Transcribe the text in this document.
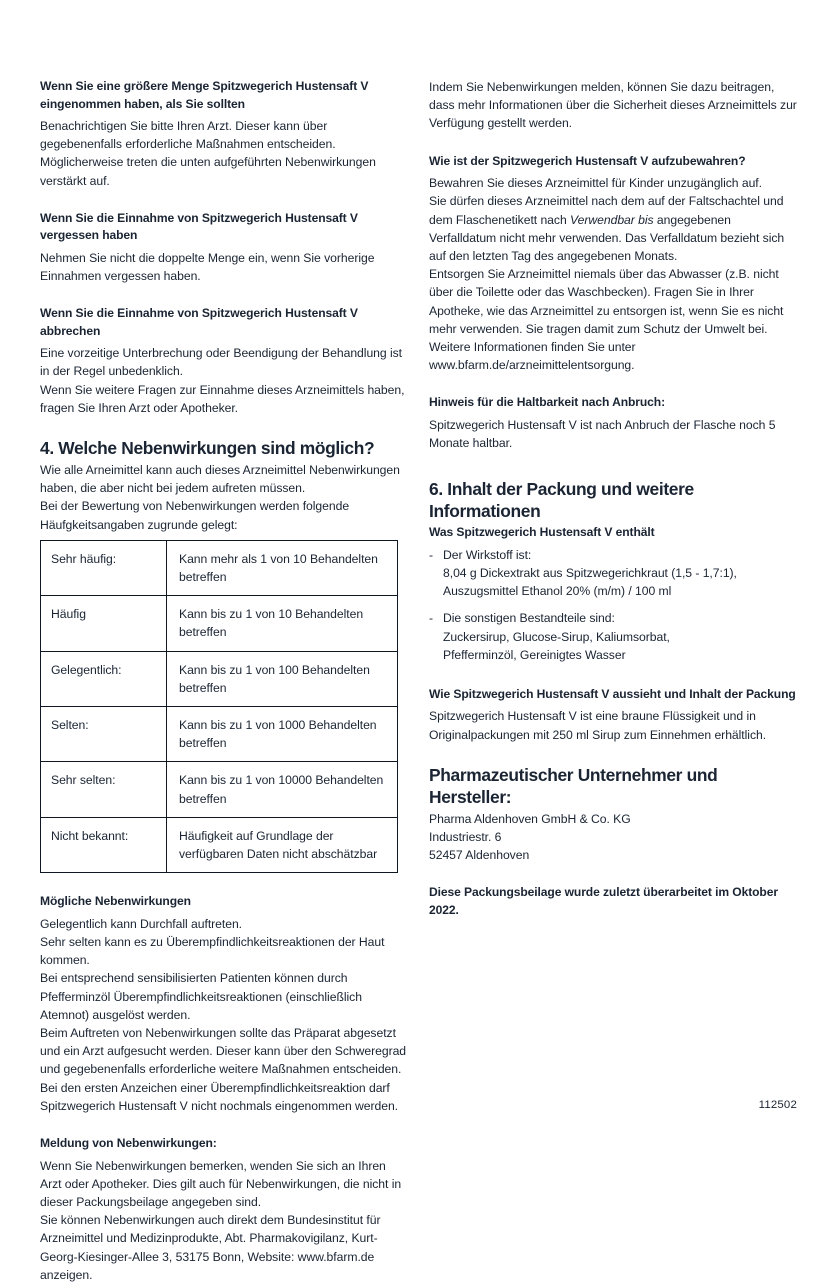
Wenn Sie eine größere Menge Spitzwegerich Hustensaft V eingenommen haben, als Sie sollten

Benachrichtigen Sie bitte Ihren Arzt. Dieser kann über gegebenenfalls erforderliche Maßnahmen entscheiden. Möglicherweise treten die unten aufgeführten Nebenwirkungen verstärkt auf.

Wenn Sie die Einnahme von Spitzwegerich Hustensaft V vergessen haben

Nehmen Sie nicht die doppelte Menge ein, wenn Sie vorherige Einnahmen vergessen haben.

Wenn Sie die Einnahme von Spitzwegerich Hustensaft V abbrechen

Eine vorzeitige Unterbrechung oder Beendigung der Behandlung ist in der Regel unbedenklich.

Wenn Sie weitere Fragen zur Einnahme dieses Arzneimittels haben, fragen Sie Ihren Arzt oder Apotheker.

4. Welche Nebenwirkungen sind möglich?

Wie alle Arneimittel kann auch dieses Arzneimittel Nebenwirkungen haben, die aber nicht bei jedem aufreten müssen.

Bei der Bewertung von Nebenwirkungen werden folgende Häufgkeitsangaben zugrunde gelegt:

Sehr häufig:	Kann mehr als 1 von 10 Behandelten betreffen
Häufig	Kann bis zu 1 von 10 Behandelten betreffen
Gelegentlich:	Kann bis zu 1 von 100 Behandelten betreffen
Selten:	Kann bis zu 1 von 1000 Behandelten betreffen
Sehr selten:	Kann bis zu 1 von 10000 Behandelten betreffen
Nicht bekannt:	Häufigkeit auf Grundlage der verfügbaren Daten nicht abschätzbar
Mögliche Nebenwirkungen

Gelegentlich kann Durchfall auftreten.

Sehr selten kann es zu Überempfindlichkeitsreaktionen der Haut kommen.

Bei entsprechend sensibilisierten Patienten können durch Pfefferminzöl Überempfindlichkeitsreaktionen (einschließlich Atemnot) ausgelöst werden.

Beim Auftreten von Nebenwirkungen sollte das Präparat abgesetzt und ein Arzt aufgesucht werden. Dieser kann über den Schweregrad und gegebenenfalls erforderliche weitere Maßnahmen entscheiden.

Bei den ersten Anzeichen einer Überempfindlichkeitsreaktion darf Spitzwegerich Hustensaft V nicht nochmals eingenommen werden.

Meldung von Nebenwirkungen:

Wenn Sie Nebenwirkungen bemerken, wenden Sie sich an Ihren Arzt oder Apotheker. Dies gilt auch für Nebenwirkungen, die nicht in dieser Packungsbeilage angegeben sind.

Sie können Nebenwirkungen auch direkt dem Bundesinstitut für Arzneimittel und Medizinprodukte, Abt. Pharmakovigilanz, Kurt-Georg-Kiesinger-Allee 3, 53175 Bonn, Website: www.bfarm.de anzeigen.

Indem Sie Nebenwirkungen melden, können Sie dazu beitragen, dass mehr Informationen über die Sicherheit dieses Arzneimittels zur Verfügung gestellt werden.

Wie ist der Spitzwegerich Hustensaft V aufzubewahren?

Bewahren Sie dieses Arzneimittel für Kinder unzugänglich auf.

Sie dürfen dieses Arzneimittel nach dem auf der Faltschachtel und dem Flaschenetikett nach Verwendbar bis angegebenen Verfalldatum nicht mehr verwenden. Das Verfalldatum bezieht sich auf den letzten Tag des angegebenen Monats.

Entsorgen Sie Arzneimittel niemals über das Abwasser (z.B. nicht über die Toilette oder das Waschbecken). Fragen Sie in Ihrer Apotheke, wie das Arzneimittel zu entsorgen ist, wenn Sie es nicht mehr verwenden. Sie tragen damit zum Schutz der Umwelt bei. Weitere Informationen finden Sie unter www.bfarm.de/arzneimittelentsorgung.

Hinweis für die Haltbarkeit nach Anbruch:

Spitzwegerich Hustensaft V ist nach Anbruch der Flasche noch 5 Monate haltbar.

6. Inhalt der Packung und weitere Informationen
Was Spitzwegerich Hustensaft V enthält
- Der Wirkstoff ist:
8,04 g Dickextrakt aus Spitzwegerichkraut (1,5 - 1,7:1),
Auszugsmittel Ethanol 20% (m/m) / 100 ml
- Die sonstigen Bestandteile sind:
Zuckersirup, Glucose-Sirup, Kaliumsorbat,
Pfefferminzöl, Gereinigtes Wasser
Wie Spitzwegerich Hustensaft V aussieht und Inhalt der Packung

Spitzwegerich Hustensaft V ist eine braune Flüssigkeit und in Originalpackungen mit 250 ml Sirup zum Einnehmen erhältlich.

Pharmazeutischer Unternehmer und Hersteller:

Pharma Aldenhoven GmbH & Co. KG

Industriestr. 6

52457 Aldenhoven

Diese Packungsbeilage wurde zuletzt überarbeitet im Oktober 2022.
112502
